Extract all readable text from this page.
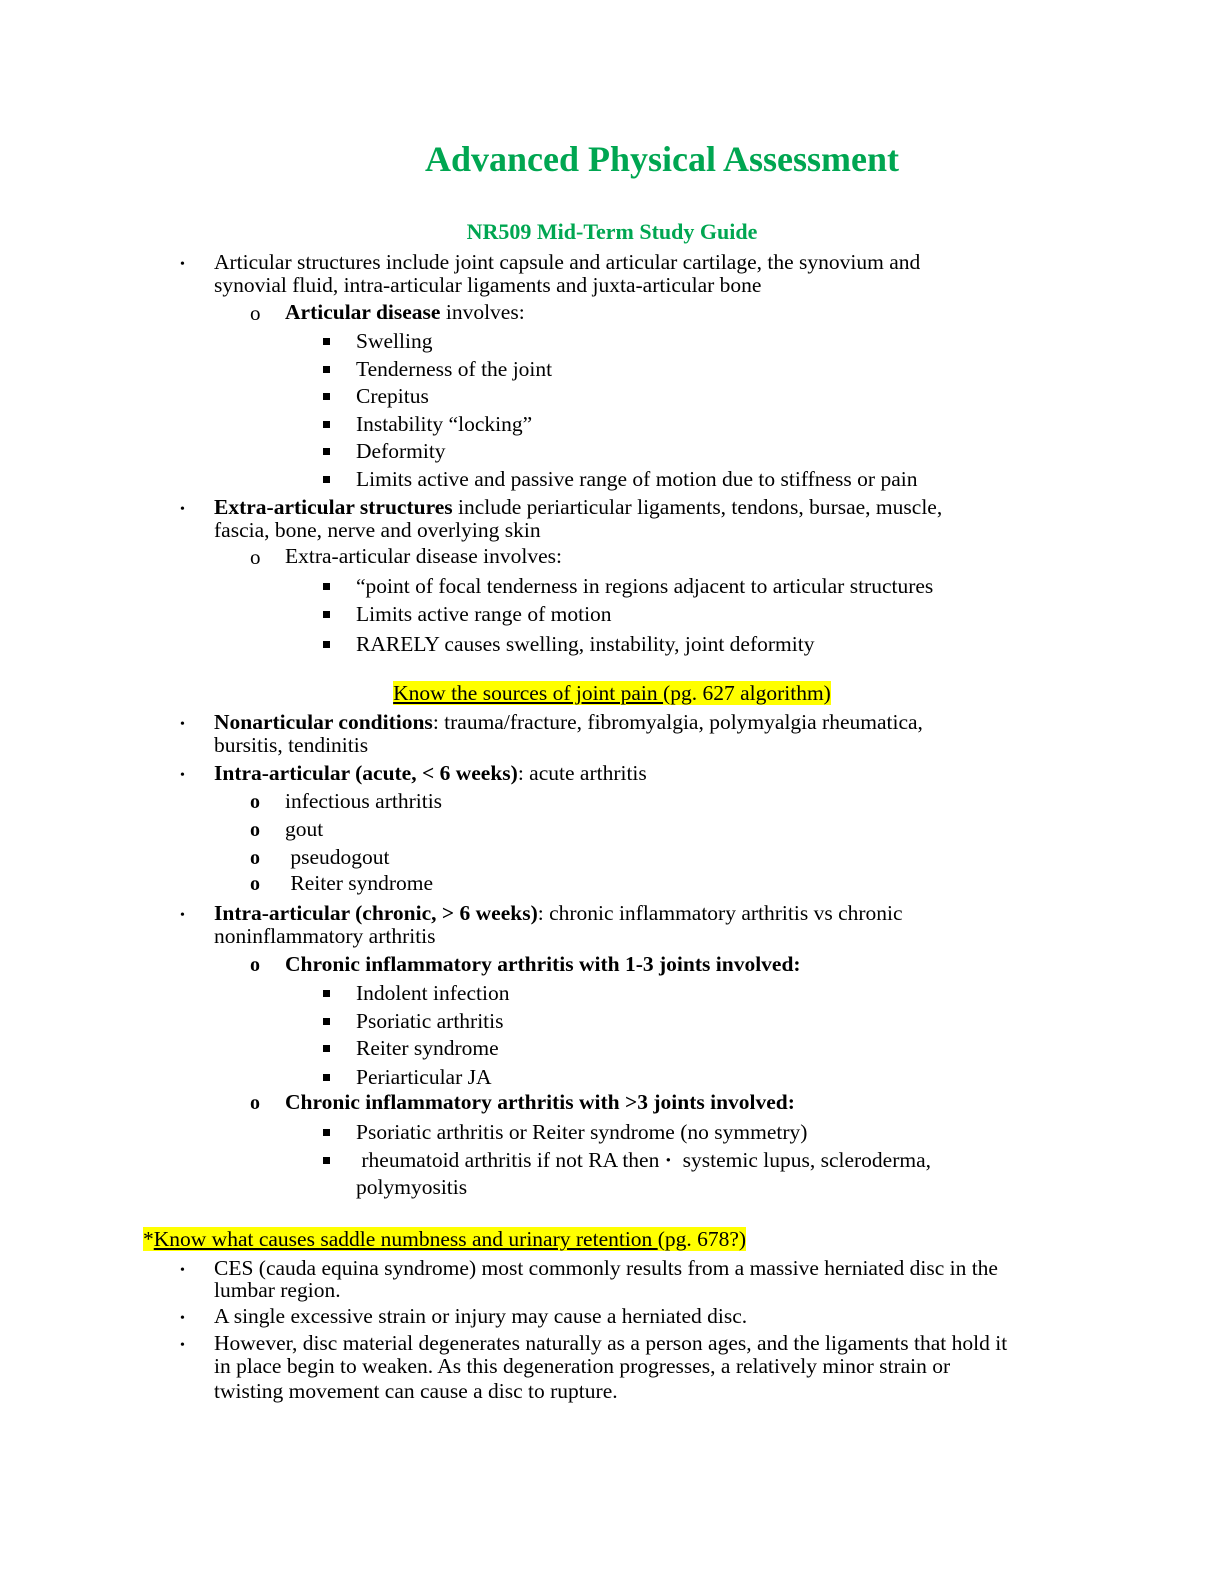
Advanced Physical Assessment
NR509 Mid-Term Study Guide
• Articular structures include joint capsule and articular cartilage, the synovium and
synovial fluid, intra-articular ligaments and juxta-articular bone
o Articular disease involves:
Swelling
Tenderness of the joint
Crepitus
Instability “locking”
Deformity
Limits active and passive range of motion due to stiffness or pain
• Extra-articular structures include periarticular ligaments, tendons, bursae, muscle,
fascia, bone, nerve and overlying skin
o Extra-articular disease involves:
“point of focal tenderness in regions adjacent to articular structures
Limits active range of motion
RARELY causes swelling, instability, joint deformity
Know the sources of joint pain (pg. 627 algorithm)
• Nonarticular conditions: trauma/fracture, fibromyalgia, polymyalgia rheumatica,
bursitis, tendinitis
• Intra-articular (acute, < 6 weeks): acute arthritis
o infectious arthritis
o gout
o pseudogout
o Reiter syndrome
• Intra-articular (chronic, > 6 weeks): chronic inflammatory arthritis vs chronic
noninflammatory arthritis
o Chronic inflammatory arthritis with 1-3 joints involved:
Indolent infection
Psoriatic arthritis
Reiter syndrome
Periarticular JA
o Chronic inflammatory arthritis with >3 joints involved:
Psoriatic arthritis or Reiter syndrome (no symmetry)
rheumatoid arthritis if not RA then ·  systemic lupus, scleroderma,
polymyositis
*Know what causes saddle numbness and urinary retention (pg. 678?)
• CES (cauda equina syndrome) most commonly results from a massive herniated disc in the
lumbar region.
• A single excessive strain or injury may cause a herniated disc.
• However, disc material degenerates naturally as a person ages, and the ligaments that hold it
in place begin to weaken. As this degeneration progresses, a relatively minor strain or
twisting movement can cause a disc to rupture.
